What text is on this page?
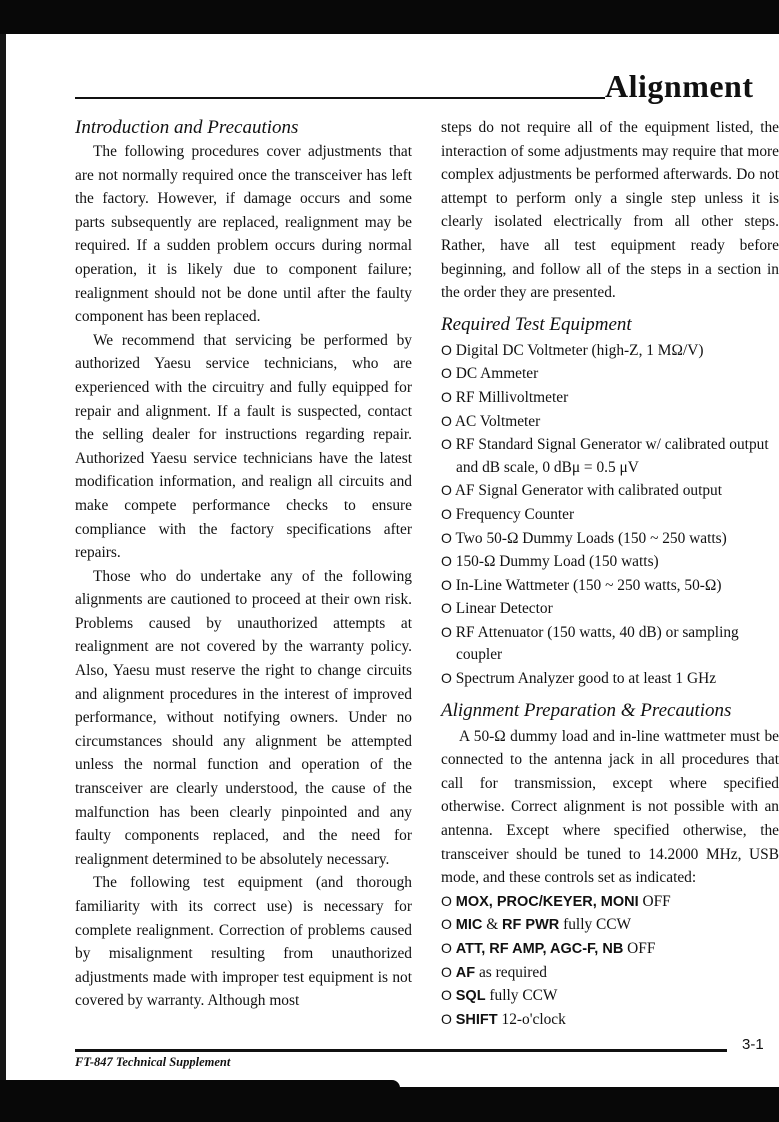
Alignment
Introduction and Precautions

The following procedures cover adjustments that are not normally required once the transceiver has left the factory. However, if damage occurs and some parts subsequently are replaced, realignment may be required. If a sudden problem occurs during normal operation, it is likely due to component failure; realignment should not be done until after the faulty component has been replaced.

We recommend that servicing be performed by authorized Yaesu service technicians, who are experienced with the circuitry and fully equipped for repair and alignment. If a fault is suspected, contact the selling dealer for instructions regarding repair. Authorized Yaesu service technicians have the latest modification information, and realign all circuits and make compete performance checks to ensure compliance with the factory specifications after repairs.

Those who do undertake any of the following alignments are cautioned to proceed at their own risk. Problems caused by unauthorized attempts at realignment are not covered by the warranty policy. Also, Yaesu must reserve the right to change circuits and alignment procedures in the interest of improved performance, without notifying owners. Under no circumstances should any alignment be attempted unless the normal function and operation of the transceiver are clearly understood, the cause of the malfunction has been clearly pinpointed and any faulty components replaced, and the need for realignment determined to be absolutely necessary.

The following test equipment (and thorough familiarity with its correct use) is necessary for complete realignment. Correction of problems caused by misalignment resulting from unauthorized adjustments made with improper test equipment is not covered by warranty. Although most

steps do not require all of the equipment listed, the interaction of some adjustments may require that more complex adjustments be performed afterwards. Do not attempt to perform only a single step unless it is clearly isolated electrically from all other steps. Rather, have all test equipment ready before beginning, and follow all of the steps in a section in the order they are presented.

Required Test Equipment
O Digital DC Voltmeter (high-Z, 1 MΩ/V)
O DC Ammeter
O RF Millivoltmeter
O AC Voltmeter
O RF Standard Signal Generator w/ calibrated output and dB scale, 0 dBμ = 0.5 μV
O AF Signal Generator with calibrated output
O Frequency Counter
O Two 50-Ω Dummy Loads (150 ~ 250 watts)
O 150-Ω Dummy Load (150 watts)
O In-Line Wattmeter (150 ~ 250 watts, 50-Ω)
O Linear Detector
O RF Attenuator (150 watts, 40 dB) or sampling coupler
O Spectrum Analyzer good to at least 1 GHz
Alignment Preparation & Precautions

A 50-Ω dummy load and in-line wattmeter must be connected to the antenna jack in all procedures that call for transmission, except where specified otherwise. Correct alignment is not possible with an antenna. Except where specified otherwise, the transceiver should be tuned to 14.2000 MHz, USB mode, and these controls set as indicated:

O MOX, PROC/KEYER, MONI OFF
O MIC & RF PWR fully CCW
O ATT, RF AMP, AGC-F, NB OFF
O AF as required
O SQL fully CCW
O SHIFT 12-o'clock
3-1
FT-847 Technical Supplement
